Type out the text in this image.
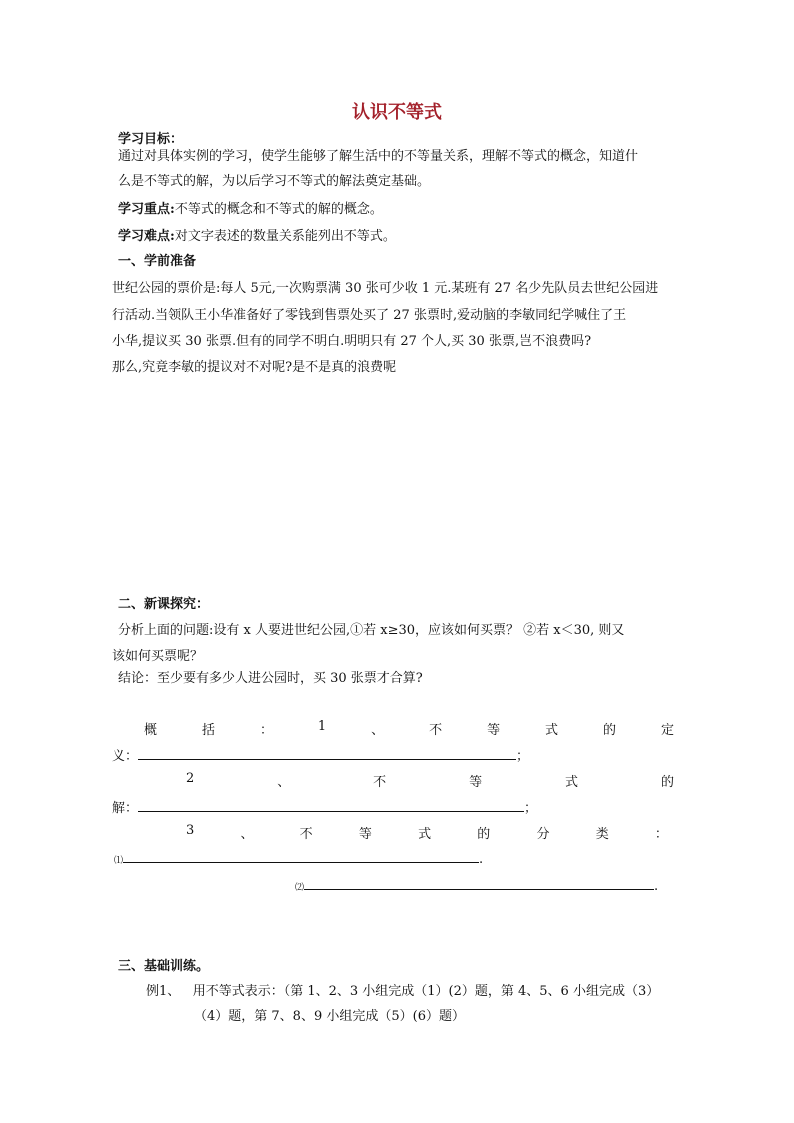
认识不等式
学习目标：
通过对具体实例的学习，使学生能够了解生活中的不等量关系，理解不等式的概念，知道什
么是不等式的解，为以后学习不等式的解法奠定基础。
学习重点:不等式的概念和不等式的解的概念。
学习难点:对文字表述的数量关系能列出不等式。
一、学前准备
世纪公园的票价是:每人 5元,一次购票满 30 张可少收 1 元.某班有 27 名少先队员去世纪公园进
行活动.当领队王小华准备好了零钱到售票处买了 27 张票时,爱动脑的李敏同纪学喊住了王
小华,提议买 30 张票.但有的同学不明白.明明只有 27 个人,买 30 张票,岂不浪费吗?
那么,究竟李敏的提议对不对呢?是不是真的浪费呢
二、新课探究：
分析上面的问题:设有 x 人要进世纪公园,①若 x≥30，应该如何买票？ ②若 x＜30, 则又
该如何买票呢？
结论：至少要有多少人进公园时，买 30 张票才合算?
概	括	：	1	、	不	等	式	的	定
义：	；
2	、	不	等	式	的
解：	；
3	、	不	等	式	的	分	类	：
⑴	.
⑵	.
三、基础训练。
例1、 用不等式表示：（第 1、2、3 小组完成（1）(2）题，第 4、5、6 小组完成（3）
（4）题，第 7、8、9 小组完成（5）(6）题）
